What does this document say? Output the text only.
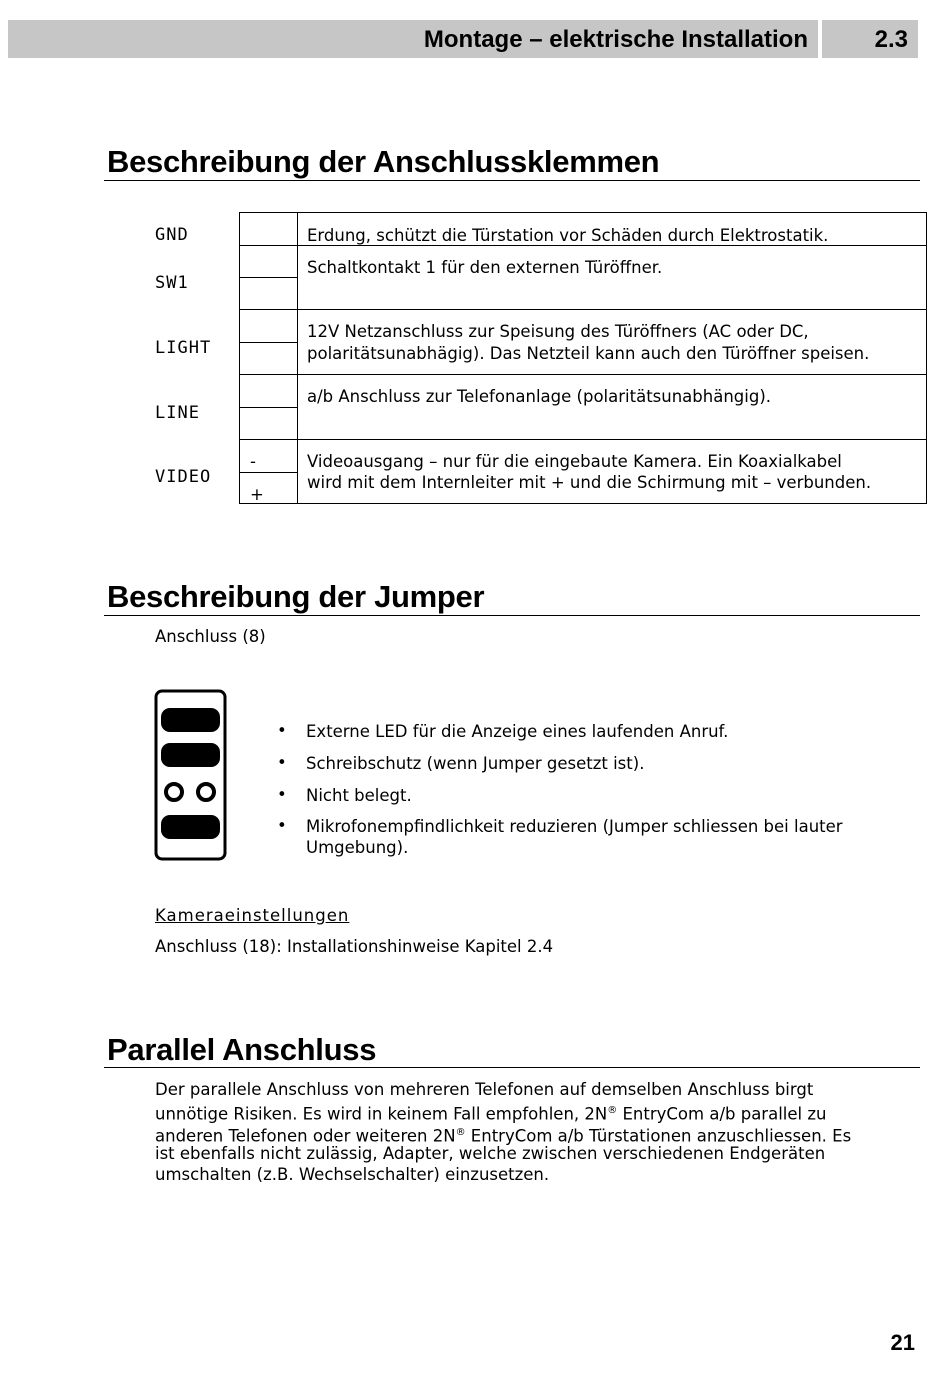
Montage – elektrische Installation	2.3
Beschreibung der Anschlussklemmen
GND
SW1
LIGHT
LINE
VIDEO
Erdung, schützt die Türstation vor Schäden durch Elektrostatik.
Schaltkontakt 1 für den externen Türöffner.
12V Netzanschluss zur Speisung des Türöffners (AC oder DC,
polaritätsunabhägig). Das Netzteil kann auch den Türöffner speisen.
a/b Anschluss zur Telefonanlage (polaritätsunabhängig).
Videoausgang – nur für die eingebaute Kamera. Ein Koaxialkabel
wird mit dem Internleiter mit + und die Schirmung mit – verbunden.
-
+
Beschreibung der Jumper
Anschluss (8)
• Externe LED für die Anzeige eines laufenden Anruf.
• Schreibschutz (wenn Jumper gesetzt ist).
• Nicht belegt.
• Mikrofonempfindlichkeit reduzieren (Jumper schliessen bei lauter
Umgebung).
Kameraeinstellungen
Anschluss (18): Installationshinweise Kapitel 2.4
Parallel Anschluss
Der parallele Anschluss von mehreren Telefonen auf demselben Anschluss birgt
unnötige Risiken. Es wird in keinem Fall empfohlen, 2N® EntryCom a/b parallel zu
anderen Telefonen oder weiteren 2N® EntryCom a/b Türstationen anzuschliessen. Es
ist ebenfalls nicht zulässig, Adapter, welche zwischen verschiedenen Endgeräten
umschalten (z.B. Wechselschalter) einzusetzen.
21
